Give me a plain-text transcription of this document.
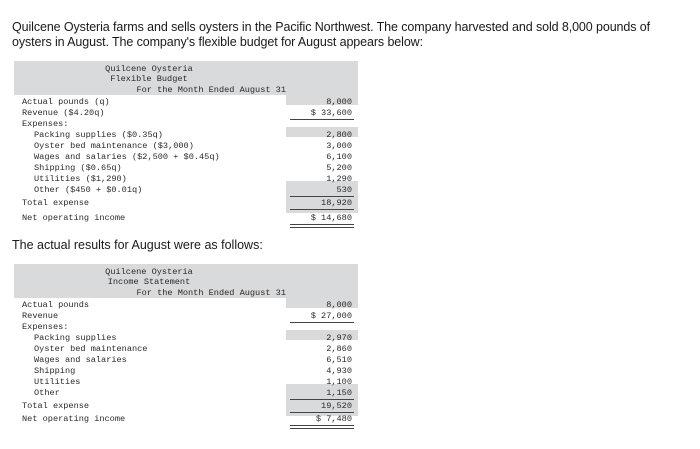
Quilcene Oysteria farms and sells oysters in the Pacific Northwest. The company harvested and sold 8,000 pounds of oysters in August. The company's flexible budget for August appears below:
Quilcene Oysteria
Flexible Budget
For the Month Ended August 31
Actual pounds (q)	8,000
Revenue ($4.20q)	$ 33,600
Expenses:
Packing supplies ($0.35q)	2,800
Oyster bed maintenance ($3,000)	3,000
Wages and salaries ($2,500 + $0.45q)	6,100
Shipping ($0.65q)	5,200
Utilities ($1,290)	1,290
Other ($450 + $0.01q)	530
Total expense	18,920
Net operating income	$ 14,680
The actual results for August were as follows:
Quilcene Oysteria
Income Statement
For the Month Ended August 31
Actual pounds	8,000
Revenue	$ 27,000
Expenses:
Packing supplies	2,970
Oyster bed maintenance	2,860
Wages and salaries	6,510
Shipping	4,930
Utilities	1,100
Other	1,150
Total expense	19,520
Net operating income	$ 7,480
